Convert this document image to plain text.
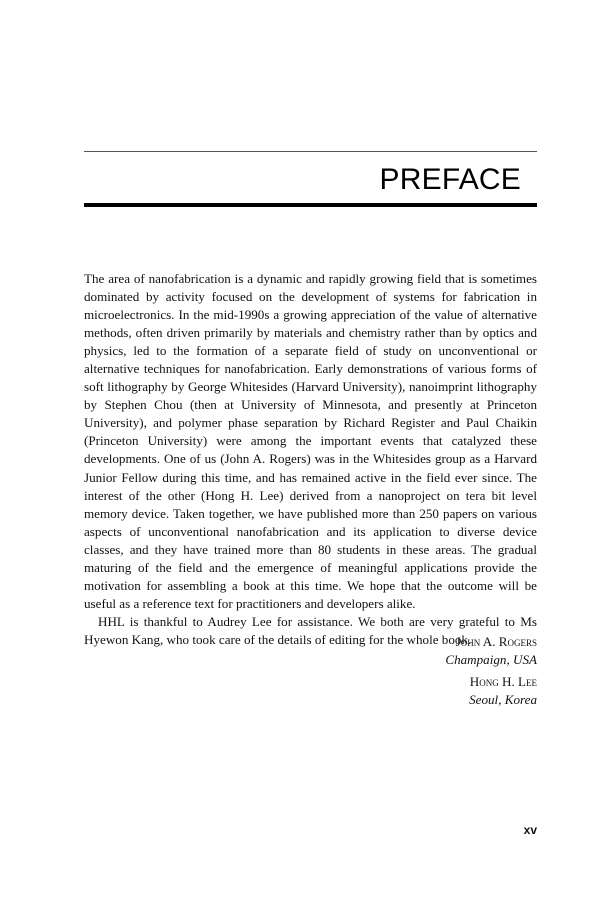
PREFACE

The area of nanofabrication is a dynamic and rapidly growing field that is sometimes dominated by activity focused on the development of systems for fabrication in microelectronics. In the mid-1990s a growing appreciation of the value of alternative methods, often driven primarily by materials and chemistry rather than by optics and physics, led to the formation of a separate field of study on unconventional or alternative techniques for nanofabrication. Early demonstrations of various forms of soft lithography by George Whitesides (Harvard University), nanoimprint lithography by Stephen Chou (then at University of Minnesota, and presently at Princeton University), and polymer phase separation by Richard Register and Paul Chaikin (Princeton University) were among the important events that catalyzed these developments. One of us (John A. Rogers) was in the Whitesides group as a Harvard Junior Fellow during this time, and has remained active in the field ever since. The interest of the other (Hong H. Lee) derived from a nanoproject on tera bit level memory device. Taken together, we have published more than 250 papers on various aspects of unconventional nanofabrication and its application to diverse device classes, and they have trained more than 80 students in these areas. The gradual maturing of the field and the emergence of meaningful applications provide the motivation for assembling a book at this time. We hope that the outcome will be useful as a reference text for practitioners and developers alike.

HHL is thankful to Audrey Lee for assistance. We both are very grateful to Ms Hyewon Kang, who took care of the details of editing for the whole book.

John A. Rogers
Champaign, USA
Hong H. Lee
Seoul, Korea
xv
